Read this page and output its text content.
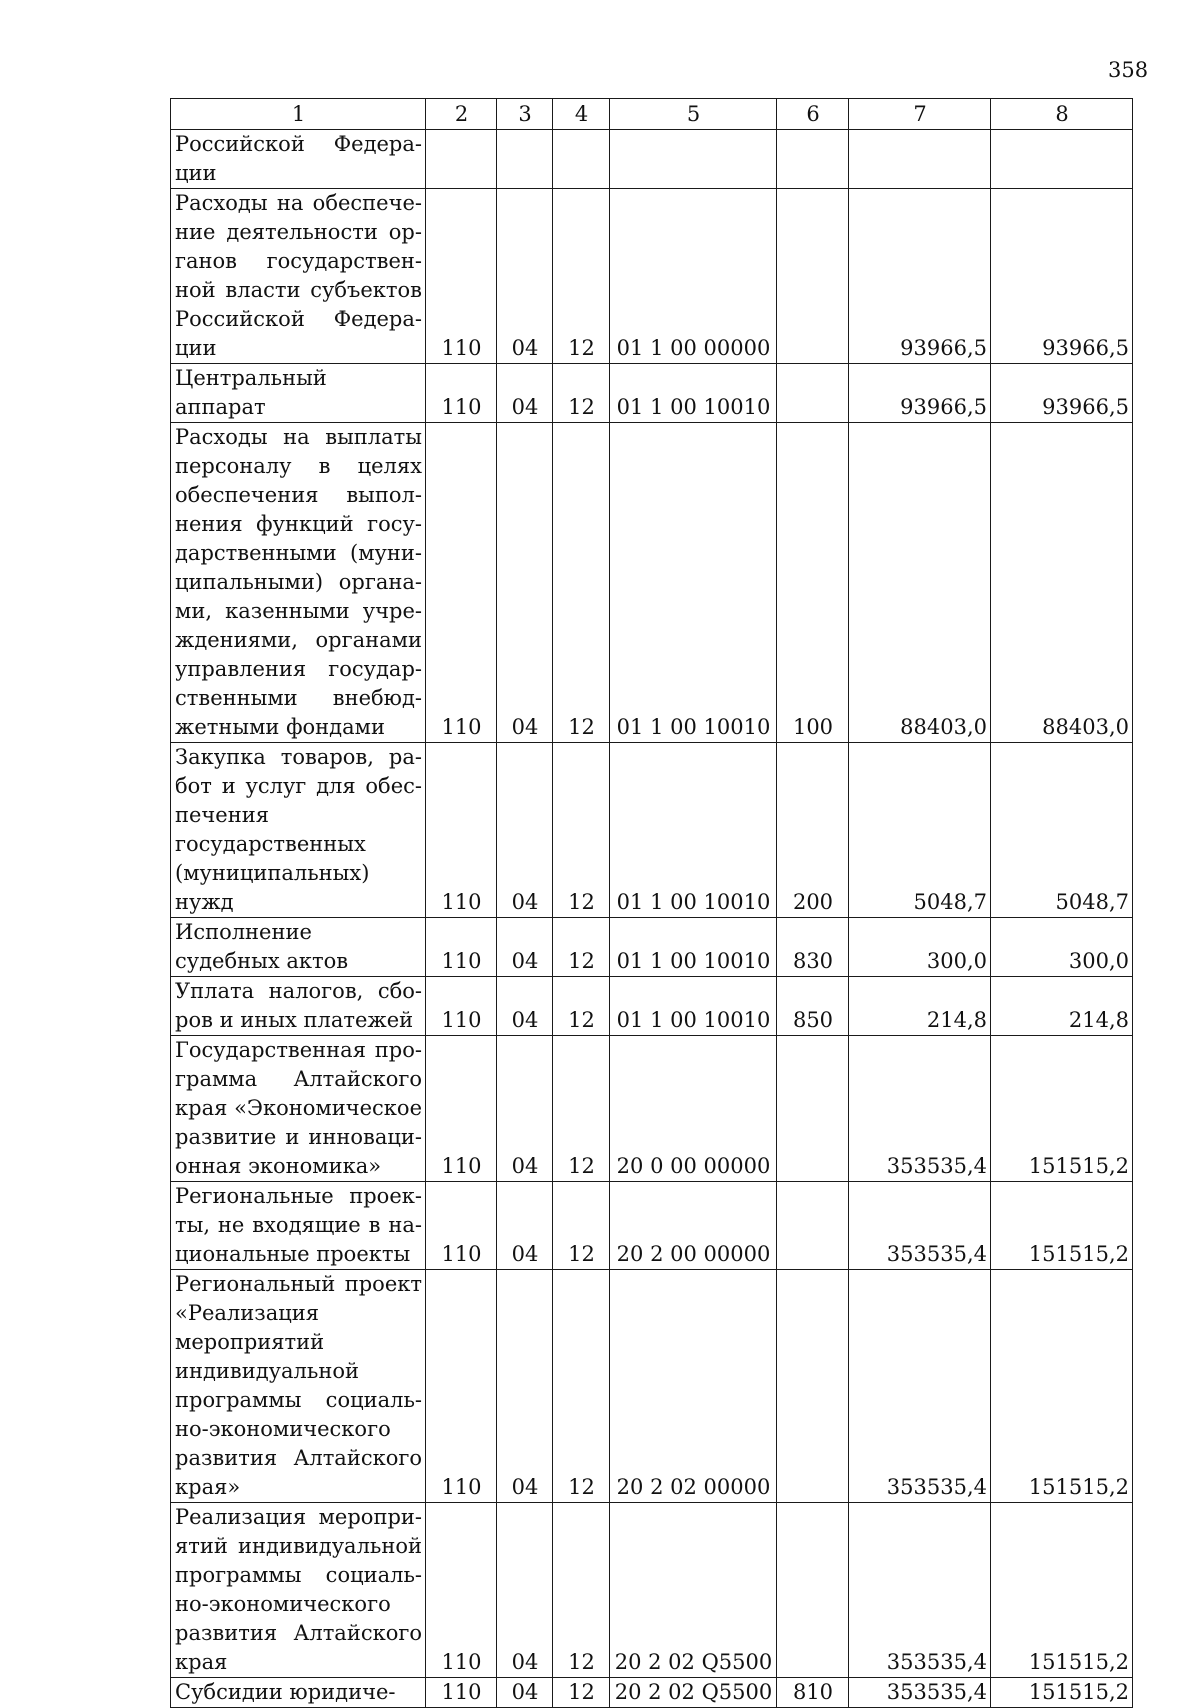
358
1	2	3	4	5	6	7	8
Российской Федерации							
Расходы на обеспечение деятельности органов государственной власти субъектов Российской Федерации	110	04	12	01 1 00 00000		93966,5	93966,5
Центральный аппарат	110	04	12	01 1 00 10010		93966,5	93966,5
Расходы на выплаты персоналу в целях обеспечения выполнения функций государственными (муниципальными) органами, казенными учреждениями, органами управления государственными внебюджетными фондами	110	04	12	01 1 00 10010	100	88403,0	88403,0
Закупка товаров, работ и услуг для обеспечения государственных (муниципальных) нужд	110	04	12	01 1 00 10010	200	5048,7	5048,7
Исполнение судебных актов	110	04	12	01 1 00 10010	830	300,0	300,0
Уплата налогов, сборов и иных платежей	110	04	12	01 1 00 10010	850	214,8	214,8
Государственная программа Алтайского края «Экономическое развитие и инновационная экономика»	110	04	12	20 0 00 00000		353535,4	151515,2
Региональные проекты, не входящие в национальные проекты	110	04	12	20 2 00 00000		353535,4	151515,2
Региональный проект «Реализация мероприятий индивидуальной программы социально-экономического развития Алтайского края»	110	04	12	20 2 02 00000		353535,4	151515,2
Реализация мероприятий индивидуальной программы социально-экономического развития Алтайского края	110	04	12	20 2 02 Q5500		353535,4	151515,2
Субсидии юридиче-	110	04	12	20 2 02 Q5500	810	353535,4	151515,2
